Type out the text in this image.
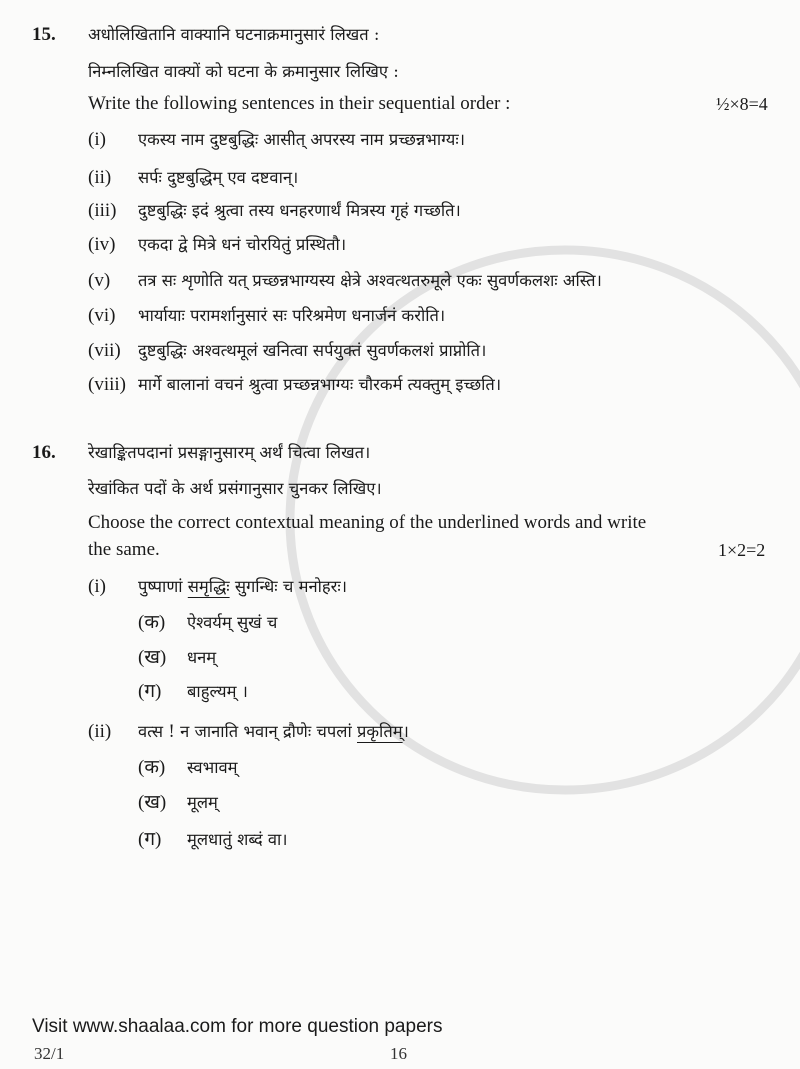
15. अधोलिखितानि वाक्यानि घटनाक्रमानुसारं लिखत :
निम्नलिखित वाक्यों को घटना के क्रमानुसार लिखिए :
Write the following sentences in their sequential order :	½×8=4
(i) एकस्य नाम दुष्टबुद्धिः आसीत् अपरस्य नाम प्रच्छन्नभाग्यः।
(ii) सर्पः दुष्टबुद्धिम् एव दष्टवान्।
(iii) दुष्टबुद्धिः इदं श्रुत्वा तस्य धनहरणार्थं मित्रस्य गृहं गच्छति।
(iv) एकदा द्वे मित्रे धनं चोरयितुं प्रस्थितौ।
(v) तत्र सः शृणोति यत् प्रच्छन्नभाग्यस्य क्षेत्रे अश्वत्थतरुमूले एकः सुवर्णकलशः अस्ति।
(vi) भार्यायाः परामर्शानुसारं सः परिश्रमेण धनार्जनं करोति।
(vii) दुष्टबुद्धिः अश्वत्थमूलं खनित्वा सर्पयुक्तं सुवर्णकलशं प्राप्नोति।
(viii) मार्गे बालानां वचनं श्रुत्वा प्रच्छन्नभाग्यः चौरकर्म त्यक्तुम् इच्छति।
16. रेखाङ्कितपदानां प्रसङ्गानुसारम् अर्थं चित्वा लिखत।
रेखांकित पदों के अर्थ प्रसंगानुसार चुनकर लिखिए।
Choose the correct contextual meaning of the underlined words and write
the same.	1×2=2
(i) पुष्पाणां समृद्धिः सुगन्धिः च मनोहरः।
(क) ऐश्वर्यम् सुखं च
(ख) धनम्
(ग) बाहुल्यम् ।
(ii) वत्स ! न जानाति भवान् द्रौणेः चपलां प्रकृतिम्।
(क) स्वभावम्
(ख) मूलम्
(ग) मूलधातुं शब्दं वा।
Visit www.shaalaa.com for more question papers
32/1	16
